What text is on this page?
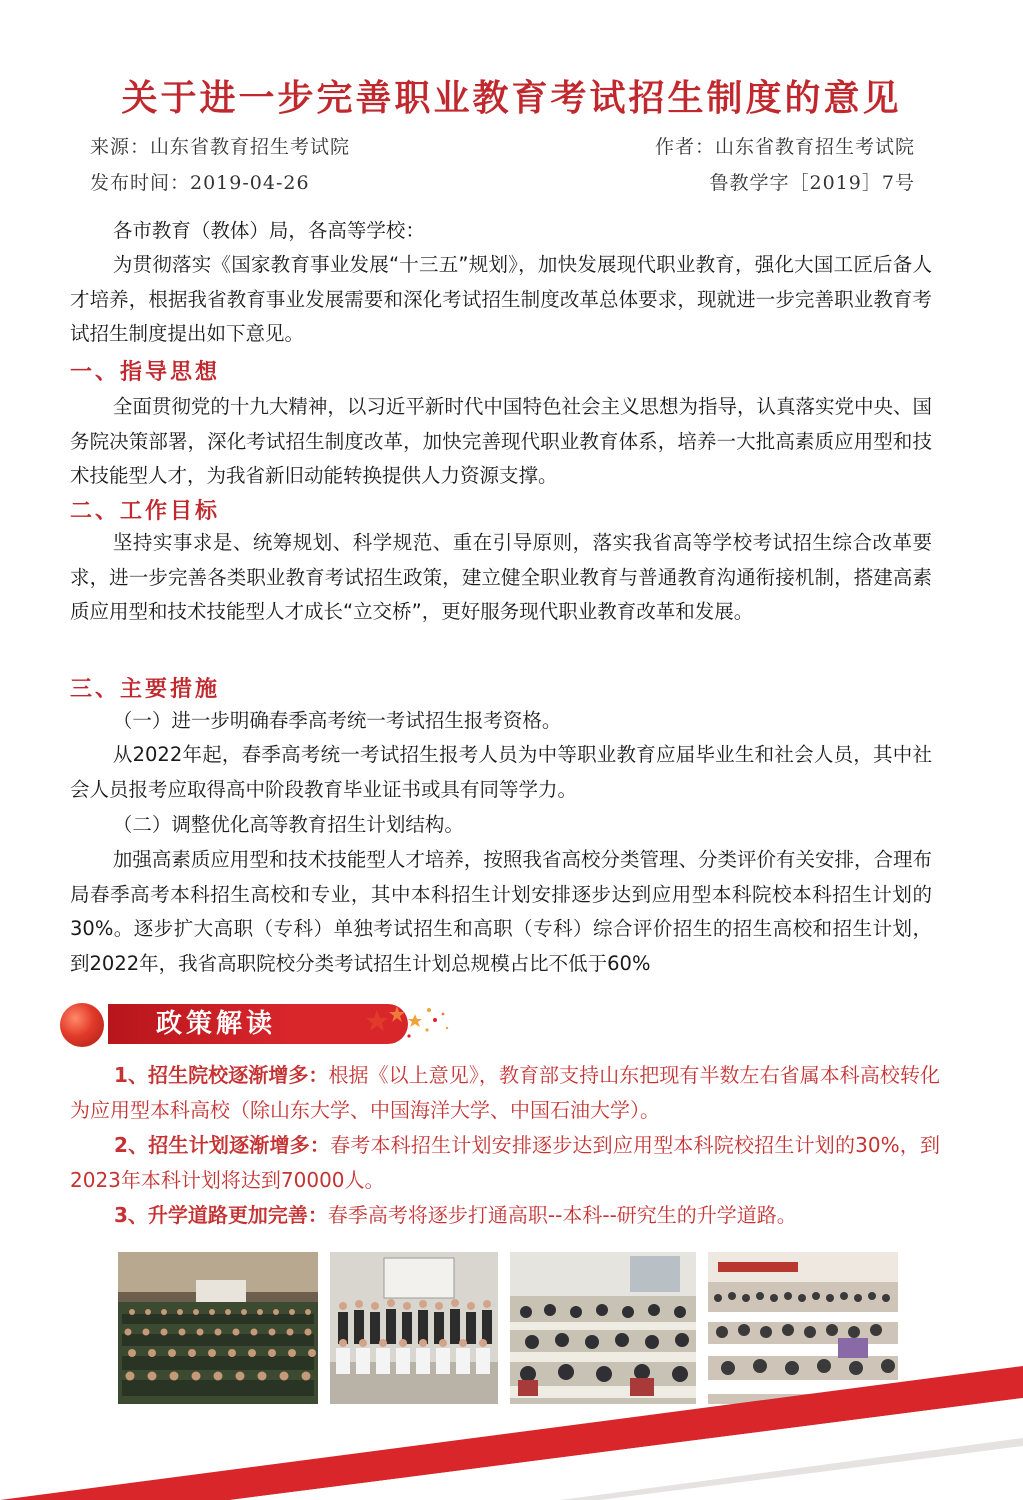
关于进一步完善职业教育考试招生制度的意见
来源：山东省教育招生考试院	作者：山东省教育招生考试院
发布时间：2019-04-26	鲁教学字［2019］7号

各市教育（教体）局，各高等学校：

为贯彻落实《国家教育事业发展“十三五”规划》，加快发展现代职业教育，强化大国工匠后备人才培养，根据我省教育事业发展需要和深化考试招生制度改革总体要求，现就进一步完善职业教育考试招生制度提出如下意见。

一、指导思想

全面贯彻党的十九大精神，以习近平新时代中国特色社会主义思想为指导，认真落实党中央、国务院决策部署，深化考试招生制度改革，加快完善现代职业教育体系，培养一大批高素质应用型和技术技能型人才，为我省新旧动能转换提供人力资源支撑。

二、工作目标

坚持实事求是、统筹规划、科学规范、重在引导原则，落实我省高等学校考试招生综合改革要求，进一步完善各类职业教育考试招生政策，建立健全职业教育与普通教育沟通衔接机制，搭建高素质应用型和技术技能型人才成长“立交桥”，更好服务现代职业教育改革和发展。

三、主要措施

（一）进一步明确春季高考统一考试招生报考资格。

从2022年起，春季高考统一考试招生报考人员为中等职业教育应届毕业生和社会人员，其中社会人员报考应取得高中阶段教育毕业证书或具有同等学力。

（二）调整优化高等教育招生计划结构。

加强高素质应用型和技术技能型人才培养，按照我省高校分类管理、分类评价有关安排，合理布局春季高考本科招生高校和专业，其中本科招生计划安排逐步达到应用型本科院校本科招生计划的30%。逐步扩大高职（专科）单独考试招生和高职（专科）综合评价招生的招生高校和招生计划，到2022年，我省高职院校分类考试招生计划总规模占比不低于60%

政策解读

1、招生院校逐渐增多：根据《以上意见》，教育部支持山东把现有半数左右省属本科高校转化为应用型本科高校（除山东大学、中国海洋大学、中国石油大学）。

2、招生计划逐渐增多：春考本科招生计划安排逐步达到应用型本科院校招生计划的30%，到2023年本科计划将达到70000人。

3、升学道路更加完善：春季高考将逐步打通高职--本科--研究生的升学道路。
